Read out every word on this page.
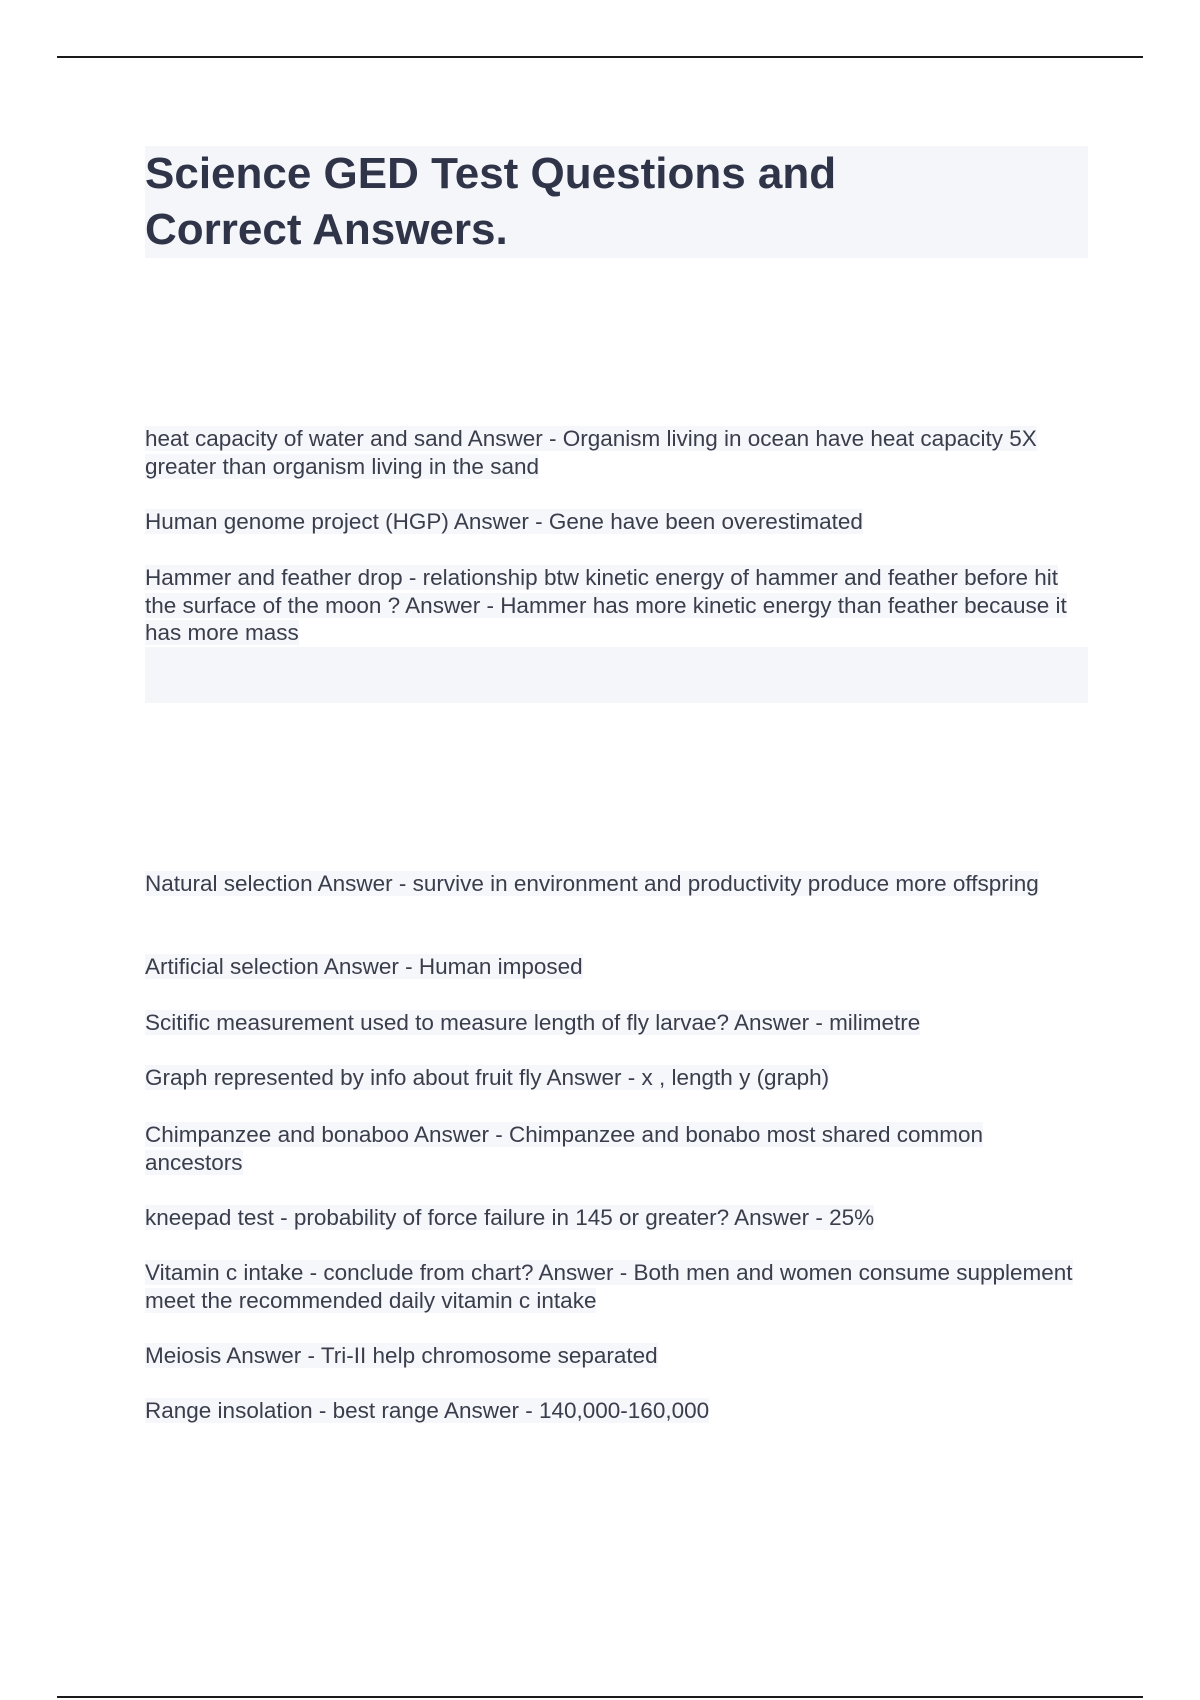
Science GED Test Questions and
Correct Answers.

heat capacity of water and sand Answer - Organism living in ocean have heat capacity 5X greater than organism living in the sand

Human genome project (HGP) Answer - Gene have been overestimated

Hammer and feather drop - relationship btw kinetic energy of hammer and feather before hit the surface of the moon ? Answer - Hammer has more kinetic energy than feather because it has more mass

Natural selection Answer - survive in environment and productivity produce more offspring

Artificial selection Answer - Human imposed

Scitific measurement used to measure length of fly larvae? Answer - milimetre

Graph represented by info about fruit fly Answer - x , length y (graph)

Chimpanzee and bonaboo Answer - Chimpanzee and bonabo most shared common ancestors

kneepad test - probability of force failure in 145 or greater? Answer - 25%

Vitamin c intake - conclude from chart? Answer - Both men and women consume supplement meet the recommended daily vitamin c intake

Meiosis Answer - Tri-II help chromosome separated

Range insolation - best range Answer - 140,000-160,000
